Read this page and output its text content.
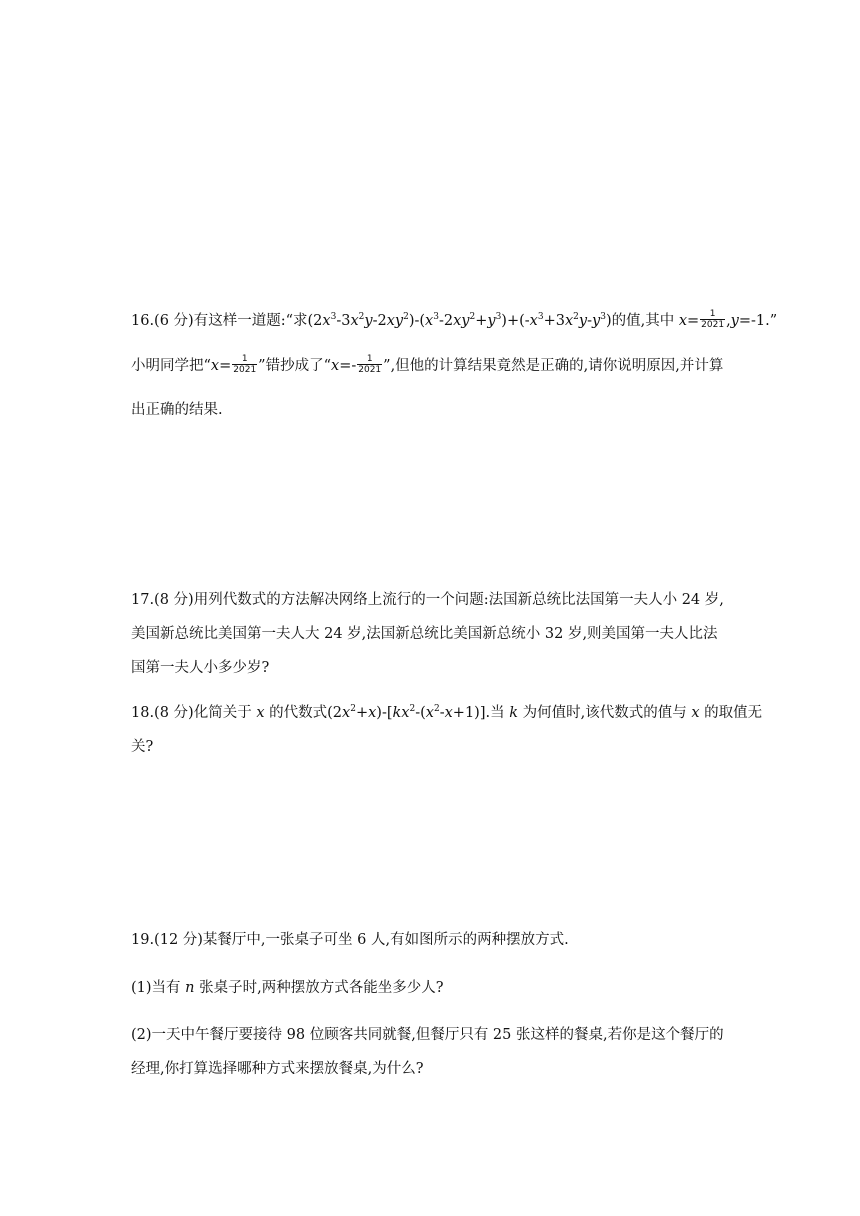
16.(6 分)有这样一道题:“求$(2x^3-3x^2y-2xy^2)-(x^3-2xy^2+y^3)+(-x^3+3x^2y-y^3)$的值,其中 $x= \frac{1}{2021} ,y=-1$.”
小明同学把“$x= \frac{1}{2021}$ ”错抄成了“$x=- \frac{1}{2021}$ ”,但他的计算结果竟然是正确的,请你说明原因,并计算
出正确的结果.
17.(8 分)用列代数式的方法解决网络上流行的一个问题:法国新总统比法国第一夫人小 24 岁,
美国新总统比美国第一夫人大 24 岁,法国新总统比美国新总统小 32 岁,则美国第一夫人比法
国第一夫人小多少岁?
18.(8 分)化简关于 x 的代数式$(2x^2+x)-[kx^2-(x^2-x+1)]$.当 k 为何值时,该代数式的值与 x 的取值无
关?
19.(12 分)某餐厅中,一张桌子可坐 6 人,有如图所示的两种摆放方式.
(1)当有 n 张桌子时,两种摆放方式各能坐多少人?
(2)一天中午餐厅要接待 98 位顾客共同就餐,但餐厅只有 25 张这样的餐桌,若你是这个餐厅的
经理,你打算选择哪种方式来摆放餐桌,为什么?
